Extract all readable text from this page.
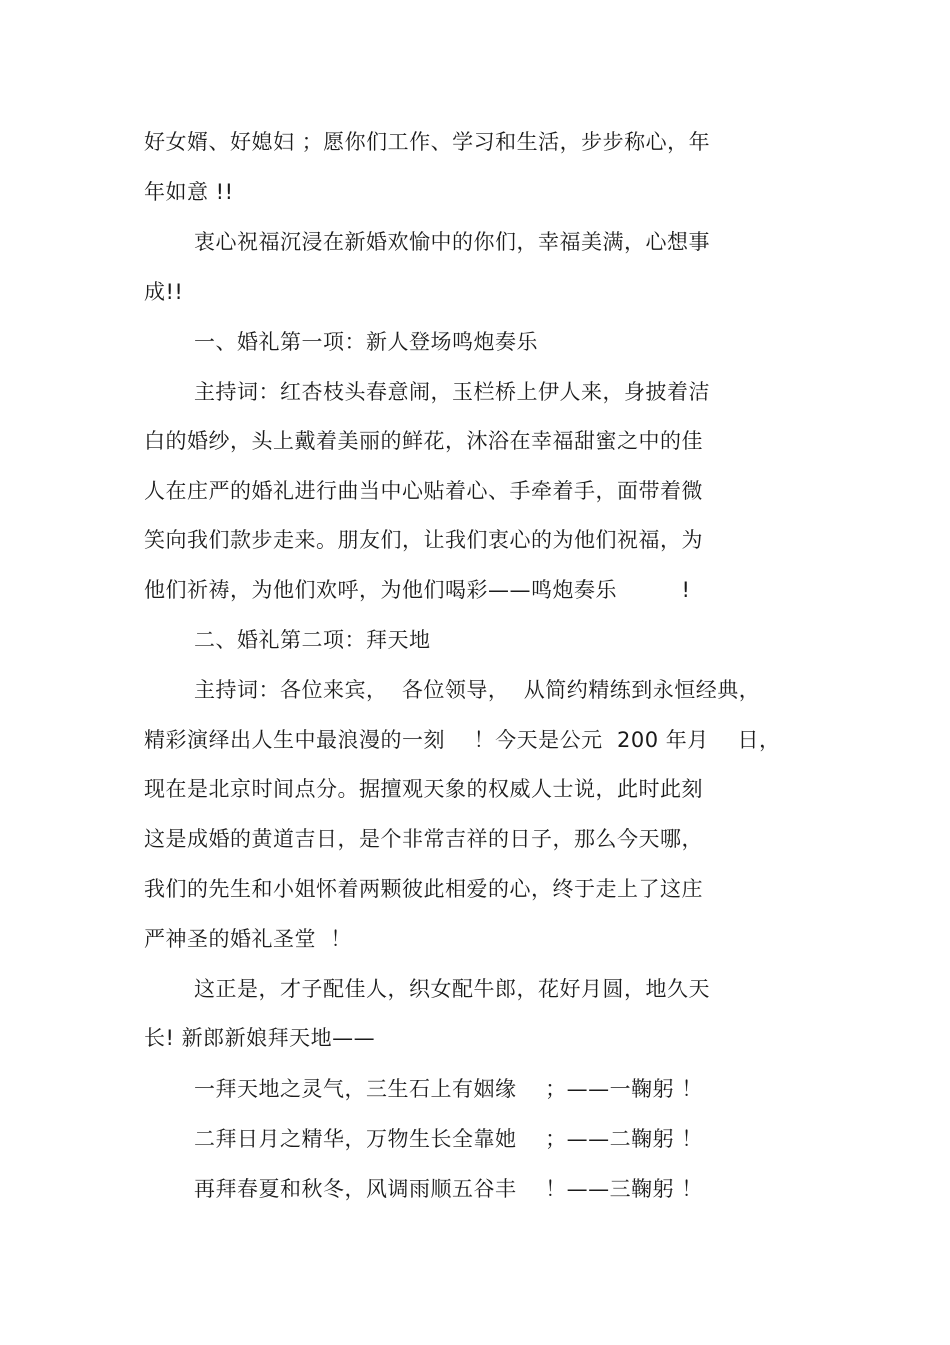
好女婿、好媳妇 ；愿你们工作、学习和生活，步步称心，年
年如意 !!
衷心祝福沉浸在新婚欢愉中的你们，幸福美满，心想事
成!!
一、婚礼第一项：新人登场鸣炮奏乐
主持词：红杏枝头春意闹，玉栏桥上伊人来，身披着洁
白的婚纱，头上戴着美丽的鲜花，沐浴在幸福甜蜜之中的佳
人在庄严的婚礼进行曲当中心贴着心、手牵着手，面带着微
笑向我们款步走来。朋友们，让我们衷心的为他们祝福，为
他们祈祷，为他们欢呼，为他们喝彩——鸣炮奏乐　　　!
二、婚礼第二项：拜天地
主持词：各位来宾，  各位领导，  从简约精练到永恒经典，
精彩演绎出人生中最浪漫的一刻　 ！今天是公元  200 年月　 日，
现在是北京时间点分。据擅观天象的权威人士说，此时此刻
这是成婚的黄道吉日，是个非常吉祥的日子，那么今天哪，
我们的先生和小姐怀着两颗彼此相爱的心，终于走上了这庄
严神圣的婚礼圣堂  ！
这正是，才子配佳人，织女配牛郎，花好月圆，地久天
长! 新郎新娘拜天地——
一拜天地之灵气，三生石上有姻缘　 ；——一鞠躬 ！
二拜日月之精华，万物生长全靠她　 ；——二鞠躬 ！
再拜春夏和秋冬，风调雨顺五谷丰　 ！——三鞠躬 ！
